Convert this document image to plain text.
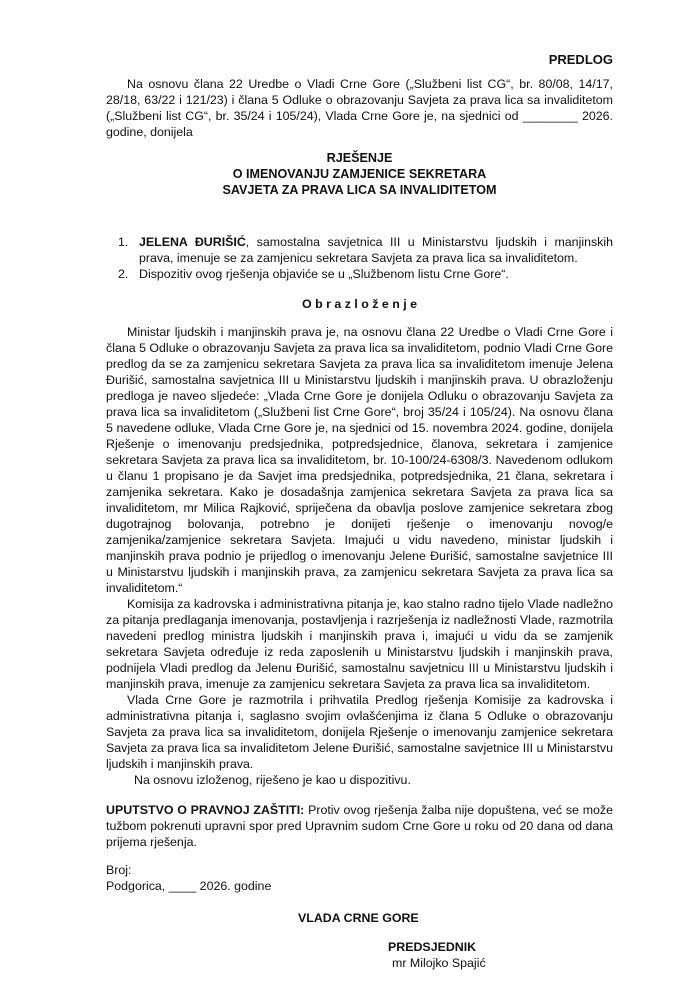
PREDLOG

Na osnovu člana 22 Uredbe o Vladi Crne Gore („Službeni list CG“, br. 80/08, 14/17, 28/18, 63/22 i 121/23) i člana 5 Odluke o obrazovanju Savjeta za prava lica sa invaliditetom („Službeni list CG“, br. 35/24 i 105/24), Vlada Crne Gore je, na sjednici od ________ 2026. godine, donijela

RJEŠENJE
O IMENOVANJU ZAMJENICE SEKRETARA
SAVJETA ZA PRAVA LICA SA INVALIDITETOM
1. JELENA ĐURIŠIĆ, samostalna savjetnica III u Ministarstvu ljudskih i manjinskih prava, imenuje se za zamjenicu sekretara Savjeta za prava lica sa invaliditetom.
2. Dispozitiv ovog rješenja objaviće se u „Službenom listu Crne Gore“.
O b r a z l o ž e n j e

Ministar ljudskih i manjinskih prava je, na osnovu člana 22 Uredbe o Vladi Crne Gore i člana 5 Odluke o obrazovanju Savjeta za prava lica sa invaliditetom, podnio Vladi Crne Gore predlog da se za zamjenicu sekretara Savjeta za prava lica sa invaliditetom imenuje Jelena Đurišić, samostalna savjetnica III u Ministarstvu ljudskih i manjinskih prava. U obrazloženju predloga je naveo sljedeće: „Vlada Crne Gore je donijela Odluku o obrazovanju Savjeta za prava lica sa invaliditetom („Službeni list Crne Gore“, broj 35/24 i 105/24). Na osnovu člana 5 navedene odluke, Vlada Crne Gore je, na sjednici od 15. novembra 2024. godine, donijela Rješenje o imenovanju predsjednika, potpredsjednice, članova, sekretara i zamjenice sekretara Savjeta za prava lica sa invaliditetom, br. 10-100/24-6308/3. Navedenom odlukom u članu 1 propisano je da Savjet ima predsjednika, potpredsjednika, 21 člana, sekretara i zamjenika sekretara. Kako je dosadašnja zamjenica sekretara Savjeta za prava lica sa invaliditetom, mr Milica Rajković, spriječena da obavlja poslove zamjenice sekretara zbog dugotrajnog bolovanja, potrebno je donijeti rješenje o imenovanju novog/e zamjenika/zamjenice sekretara Savjeta. Imajući u vidu navedeno, ministar ljudskih i manjinskih prava podnio je prijedlog o imenovanju Jelene Đurišić, samostalne savjetnice III u Ministarstvu ljudskih i manjinskih prava, za zamjenicu sekretara Savjeta za prava lica sa invaliditetom.“

Komisija za kadrovska i administrativna pitanja je, kao stalno radno tijelo Vlade nadležno za pitanja predlaganja imenovanja, postavljenja i razrješenja iz nadležnosti Vlade, razmotrila navedeni predlog ministra ljudskih i manjinskih prava i, imajući u vidu da se zamjenik sekretara Savjeta određuje iz reda zaposlenih u Ministarstvu ljudskih i manjinskih prava, podnijela Vladi predlog da Jelenu Đurišić, samostalnu savjetnicu III u Ministarstvu ljudskih i manjinskih prava, imenuje za zamjenicu sekretara Savjeta za prava lica sa invaliditetom.

Vlada Crne Gore je razmotrila i prihvatila Predlog rješenja Komisije za kadrovska i administrativna pitanja i, saglasno svojim ovlašćenjima iz člana 5 Odluke o obrazovanju Savjeta za prava lica sa invaliditetom, donijela Rješenje o imenovanju zamjenice sekretara Savjeta za prava lica sa invaliditetom Jelene Đurišić, samostalne savjetnice III u Ministarstvu ljudskih i manjinskih prava.

Na osnovu izloženog, riješeno je kao u dispozitivu.

UPUTSTVO O PRAVNOJ ZAŠTITI: Protiv ovog rješenja žalba nije dopuštena, već se može tužbom pokrenuti upravni spor pred Upravnim sudom Crne Gore u roku od 20 dana od dana prijema rješenja.

Broj:
Podgorica, ____ 2026. godine
VLADA CRNE GORE
PREDSJEDNIK
mr Milojko Spajić
